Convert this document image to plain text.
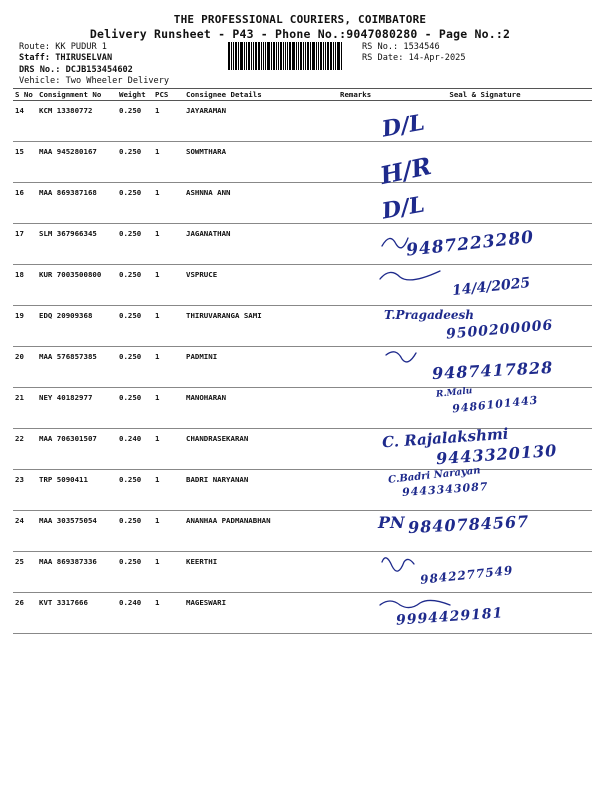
THE PROFESSIONAL COURIERS, COIMBATORE
Delivery Runsheet - P43 - Phone No.:9047080280 - Page No.:2
Route: KK PUDUR 1
Staff: THIRUSELVAN
DRS No.: DCJB153454602
Vehicle: Two Wheeler Delivery
RS No.: 1534546
RS Date: 14-Apr-2025
S No	Consignment No	Weight	PCS	Consignee Details	Remarks	Seal & Signature
14	KCM 13380772	0.250	1	JAYARAMAN		D/L

15	MAA 945280167	0.250	1	SOWMTHARA		H/R

16	MAA 869387168	0.250	1	ASHNNA ANN		D/L

17	SLM 367966345	0.250	1	JAGANATHAN		9487223280

18	KUR 7003500800	0.250	1	VSPRUCE		14/4/2025

19	EDQ 20909368	0.250	1	THIRUVARANGA SAMI		T.Pragadeesh
9500200006

20	MAA 576857385	0.250	1	PADMINI		9487417828

21	NEY 40182977	0.250	1	MANOHARAN		R.Malu
9486101443

22	MAA 706301507	0.240	1	CHANDRASEKARAN		C. Rajalakshmi
9443320130

23	TRP 5090411	0.250	1	BADRI NARYANAN		C.Badri Narayan
9443343087

24	MAA 303575054	0.250	1	ANANHAA PADMANABHAN		PN 9840784567

25	MAA 869387336	0.250	1	KEERTHI		9842277549

26	KVT 3317666	0.240	1	MAGESWARI		9994429181
